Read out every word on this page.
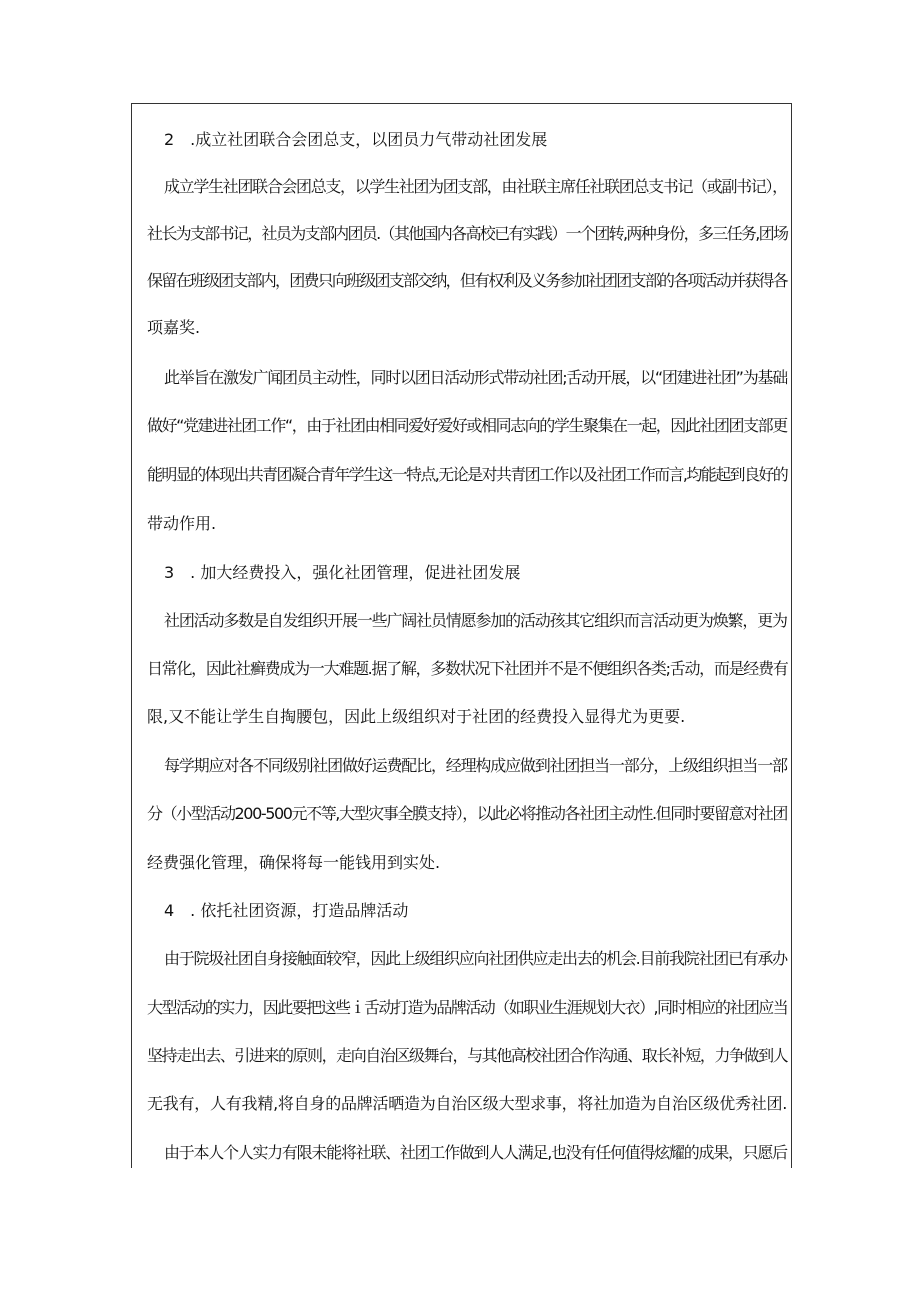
2　.成立社团联合会团总支，以团员力气带动社团发展
成立学生社团联合会团总支，以学生社团为团支部，由社联主席任社联团总支书记（或副书记），
社长为支部书记，社员为支部内团员.（其他国内各高校已有实践）一个团转,两种身份，多三任务,团场
保留在班级团支部内，团费只向班级团支部交纳，但有权利及义务参加社团团支部的各项活动并获得各
项嘉奖.
此举旨在激发广闻团员主动性，同时以团日活动形式带动社团;舌动开展，以“团建进社团”为基础
做好“党建进社团工作“，由于社团由相同爱好爱好或相同志向的学生聚集在一起，因此社团团支部更
能明显的体现出共青团凝合青年学生这一特点,无论是对共青团工作以及社团工作而言,均能起到良好的
带动作用.
3　. 加大经费投入，强化社团管理，促进社团发展
社团活动多数是自发组织开展一些广阔社员情愿参加的活动孩其它组织而言活动更为焕繁，更为
日常化，因此社癣费成为一大难题.据了解，多数状况下社团并不是不便组织各类;舌动，而是经费有
限,又不能让学生自掏腰包，因此上级组织对于社团的经费投入显得尤为更要.
每学期应对各不同级别社团做好运费配比，经理构成应做到社团担当一部分，上级组织担当一部
分（小型活动200-500元不等,大型灾事全膜支持），以此必将推动各社团主动性.但同时要留意对社团
经费强化管理，确保将每一能钱用到实处.
4　. 依托社团资源，打造品牌活动
由于院圾社团自身接触面较窄，因此上级组织应向社团供应走出去的机会.目前我院社团已有承办
大型活动的实力，因此要把这些ｉ舌动打造为品牌活动（如职业生涯规划大衣）,同时相应的社团应当
坚持走出去、引进来的原则，走向自治区级舞台，与其他高校社团合作沟通、取长补短，力争做到人
无我有，人有我精,将自身的品牌活晒造为自治区级大型求事，将社加造为自治区级优秀社团.
由于本人个人实力有限未能将社联、社团工作做到人人满足,也没有任何值得炫耀的成果，只愿后
